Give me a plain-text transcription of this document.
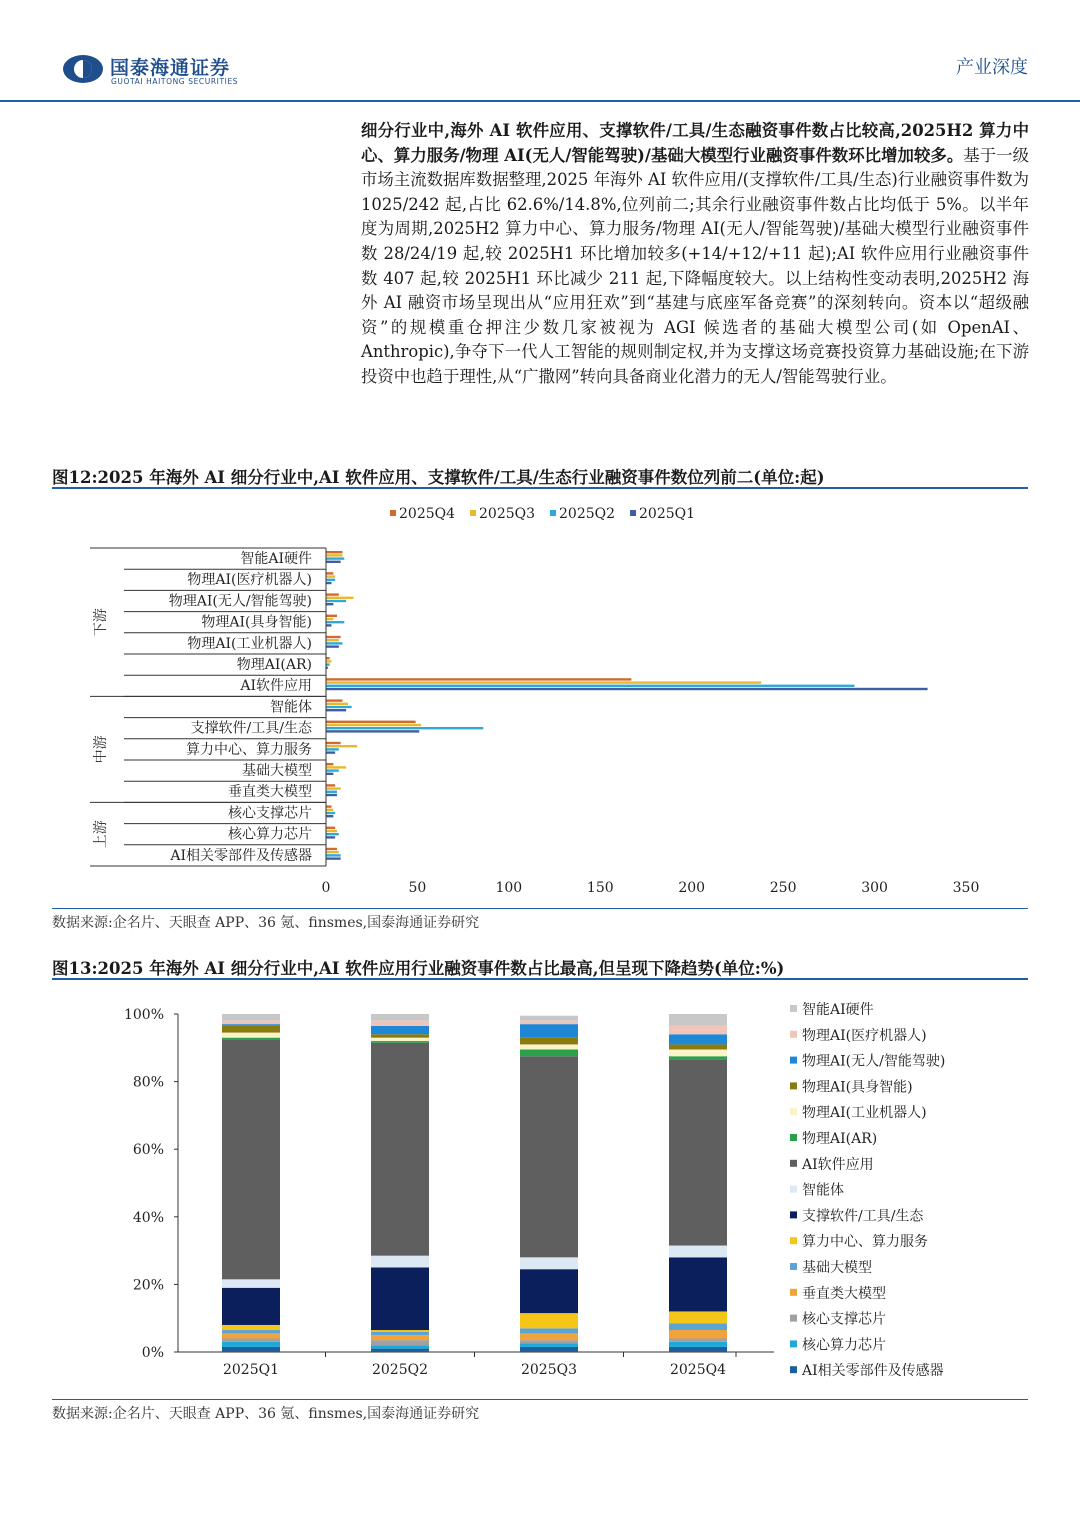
国泰海通证券
GUOTAI HAITONG SECURITIES
产业深度
细分行业中,海外 AI 软件应用、支撑软件/工具/生态融资事件数占比较高,2025H2 算力中心、算力服务/物理 AI(无人/智能驾驶)/基础大模型行业融资事件数环比增加较多。基于一级市场主流数据库数据整理,2025 年海外 AI 软件应用/(支撑软件/工具/生态)行业融资事件数为 1025/242 起,占比 62.6%/14.8%,位列前二;其余行业融资事件数占比均低于 5%。以半年度为周期,2025H2 算力中心、算力服务/物理 AI(无人/智能驾驶)/基础大模型行业融资事件数 28/24/19 起,较 2025H1 环比增加较多(+14/+12/+11 起);AI 软件应用行业融资事件数 407 起,较 2025H1 环比减少 211 起,下降幅度较大。以上结构性变动表明,2025H2 海外 AI 融资市场呈现出从“应用狂欢”到“基建与底座军备竞赛”的深刻转向。资本以“超级融资”的规模重仓押注少数几家被视为 AGI 候选者的基础大模型公司(如 OpenAI、Anthropic),争夺下一代人工智能的规则制定权,并为支撑这场竞赛投资算力基础设施;在下游投资中也趋于理性,从“广撒网”转向具备商业化潜力的无人/智能驾驶行业。
图12:2025 年海外 AI 细分行业中,AI 软件应用、支撑软件/工具/生态行业融资事件数位列前二(单位:起)
2025Q4 2025Q3 2025Q2 2025Q1
下游
中游
上游
智能AI硬件
物理AI(医疗机器人)
物理AI(无人/智能驾驶)
物理AI(具身智能)
物理AI(工业机器人)
物理AI(AR)
AI软件应用
智能体
支撑软件/工具/生态
算力中心、算力服务
基础大模型
垂直类大模型
核心支撑芯片
核心算力芯片
AI相关零部件及传感器
0	50	100	150	200	250	300	350
数据来源:企名片、天眼查 APP、36 氪、finsmes,国泰海通证券研究
图13:2025 年海外 AI 细分行业中,AI 软件应用行业融资事件数占比最高,但呈现下降趋势(单位:%)
0%
20%
40%
60%
80%
100%
2025Q1	2025Q2	2025Q3	2025Q4
智能AI硬件
物理AI(医疗机器人)
物理AI(无人/智能驾驶)
物理AI(具身智能)
物理AI(工业机器人)
物理AI(AR)
AI软件应用
智能体
支撑软件/工具/生态
算力中心、算力服务
基础大模型
垂直类大模型
核心支撑芯片
核心算力芯片
AI相关零部件及传感器
数据来源:企名片、天眼查 APP、36 氪、finsmes,国泰海通证券研究
